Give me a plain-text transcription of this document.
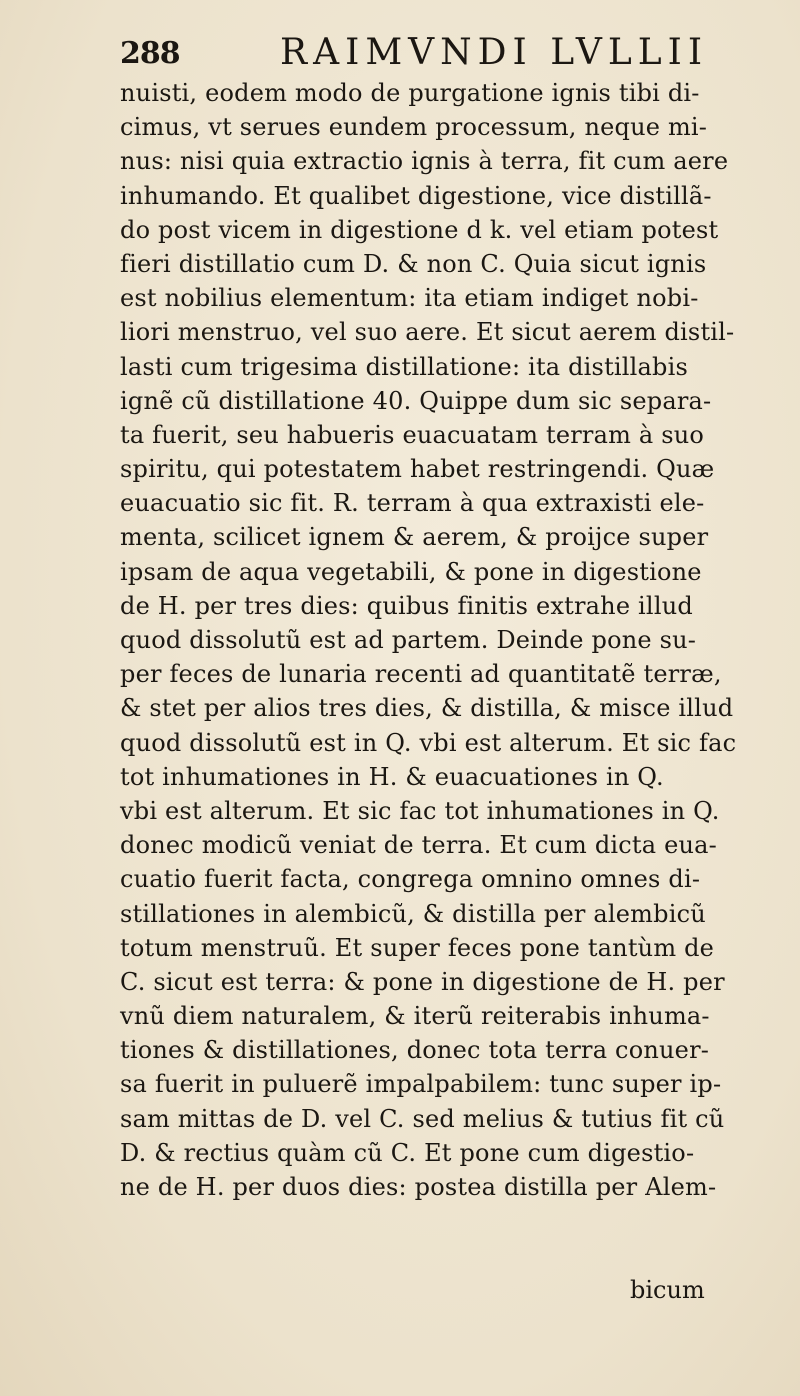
288	RAIMVNDI LVLLII
nuisti, eodem modo de purgatione ignis tibi di-
cimus, vt serues eundem processum, neque mi-
nus: nisi quia extractio ignis à terra, fit cum aere
inhumando. Et qualibet digestione, vice distillã-
do post vicem in digestione d k. vel etiam potest
fieri distillatio cum D. & non C. Quia sicut ignis
est nobilius elementum: ita etiam indiget nobi-
liori menstruo, vel suo aere. Et sicut aerem distil-
lasti cum trigesima distillatione: ita distillabis
ignẽ cũ distillatione 40. Quippe dum sic separa-
ta fuerit, seu habueris euacuatam terram à suo
spiritu, qui potestatem habet restringendi. Quæ
euacuatio sic fit. R. terram à qua extraxisti ele-
menta, scilicet ignem & aerem, & proijce super
ipsam de aqua vegetabili, & pone in digestione
de H. per tres dies: quibus finitis extrahe illud
quod dissolutũ est ad partem. Deinde pone su-
per feces de lunaria recenti ad quantitatẽ terræ,
& stet per alios tres dies, & distilla, & misce illud
quod dissolutũ est in Q. vbi est alterum. Et sic fac
tot inhumationes in H. & euacuationes in Q.
vbi est alterum. Et sic fac tot inhumationes in Q.
donec modicũ veniat de terra. Et cum dicta eua-
cuatio fuerit facta, congrega omnino omnes di-
stillationes in alembicũ, & distilla per alembicũ
totum menstruũ. Et super feces pone tantùm de
C. sicut est terra: & pone in digestione de H. per
vnũ diem naturalem, & iterũ reiterabis inhuma-
tiones & distillationes, donec tota terra conuer-
sa fuerit in puluerẽ impalpabilem: tunc super ip-
sam mittas de D. vel C. sed melius & tutius fit cũ
D. & rectius quàm cũ C. Et pone cum digestio-
ne de H. per duos dies: postea distilla per Alem-
bicum
